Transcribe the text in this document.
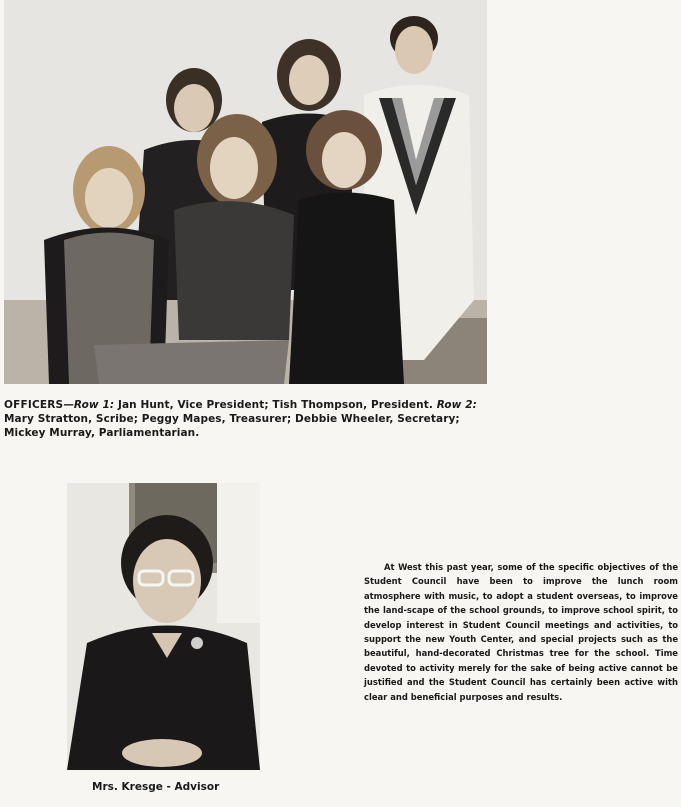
OFFICERS—Row 1: Jan Hunt, Vice President; Tish Thompson, President. Row 2: Mary Stratton, Scribe; Peggy Mapes, Treasurer; Debbie Wheeler, Secretary; Mickey Murray, Parliamentarian.
Mrs. Kresge - Advisor
At West this past year, some of the specific objectives of the Student Council have been to improve the lunch room atmosphere with music, to adopt a student overseas, to improve the land-scape of the school grounds, to improve school spirit, to develop interest in Student Council meetings and activities, to support the new Youth Center, and special projects such as the beautiful, hand-decorated Christmas tree for the school. Time devoted to activity merely for the sake of being active cannot be justified and the Student Council has certainly been active with clear and beneficial purposes and results.
